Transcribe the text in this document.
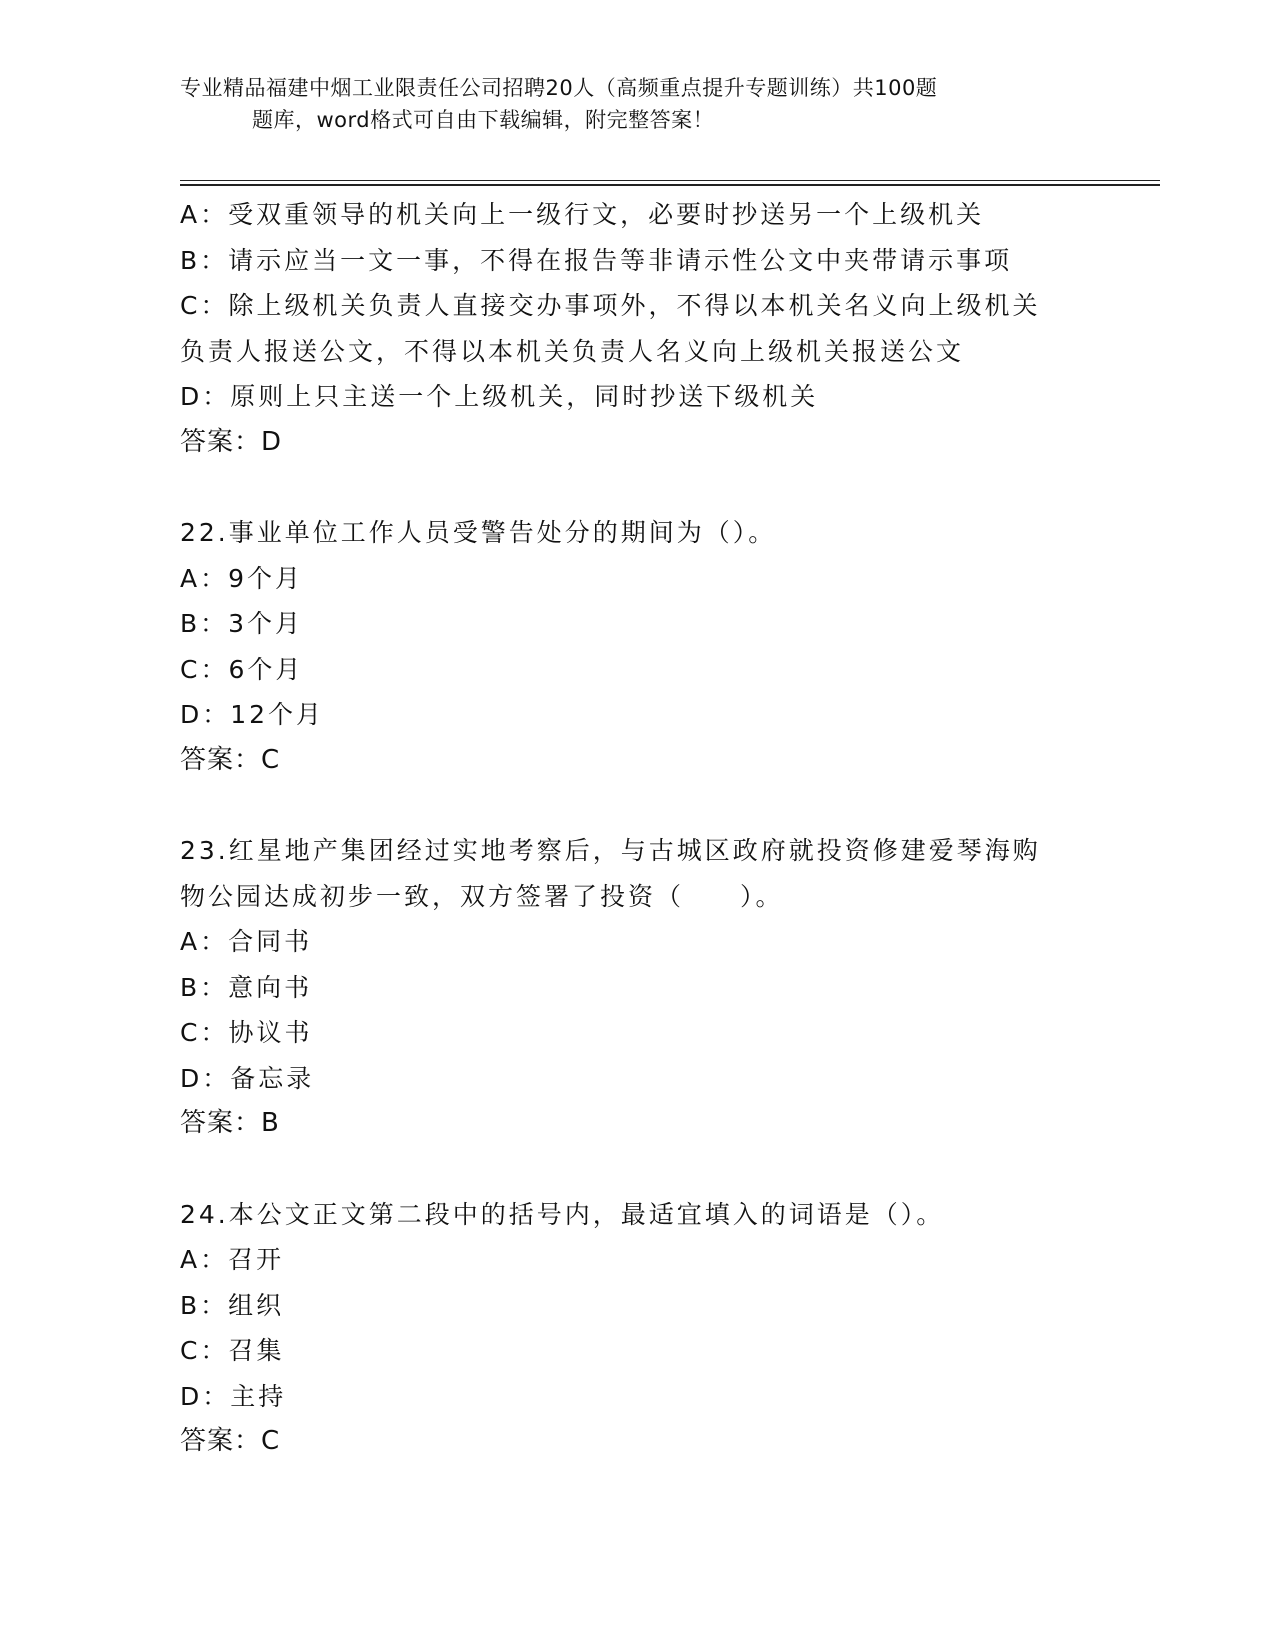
专业精品福建中烟工业限责任公司招聘20人（高频重点提升专题训练）共100题
题库，word格式可自由下载编辑，附完整答案！
A：受双重领导的机关向上一级行文，必要时抄送另一个上级机关
B：请示应当一文一事，不得在报告等非请示性公文中夹带请示事项
C：除上级机关负责人直接交办事项外，不得以本机关名义向上级机关
负责人报送公文，不得以本机关负责人名义向上级机关报送公文
D：原则上只主送一个上级机关，同时抄送下级机关
答案：D
22.事业单位工作人员受警告处分的期间为（）。
A：9个月
B：3个月
C：6个月
D：12个月
答案：C
23.红星地产集团经过实地考察后，与古城区政府就投资修建爱琴海购
物公园达成初步一致，双方签署了投资（　　）。
A：合同书
B：意向书
C：协议书
D：备忘录
答案：B
24.本公文正文第二段中的括号内，最适宜填入的词语是（）。
A：召开
B：组织
C：召集
D：主持
答案：C
